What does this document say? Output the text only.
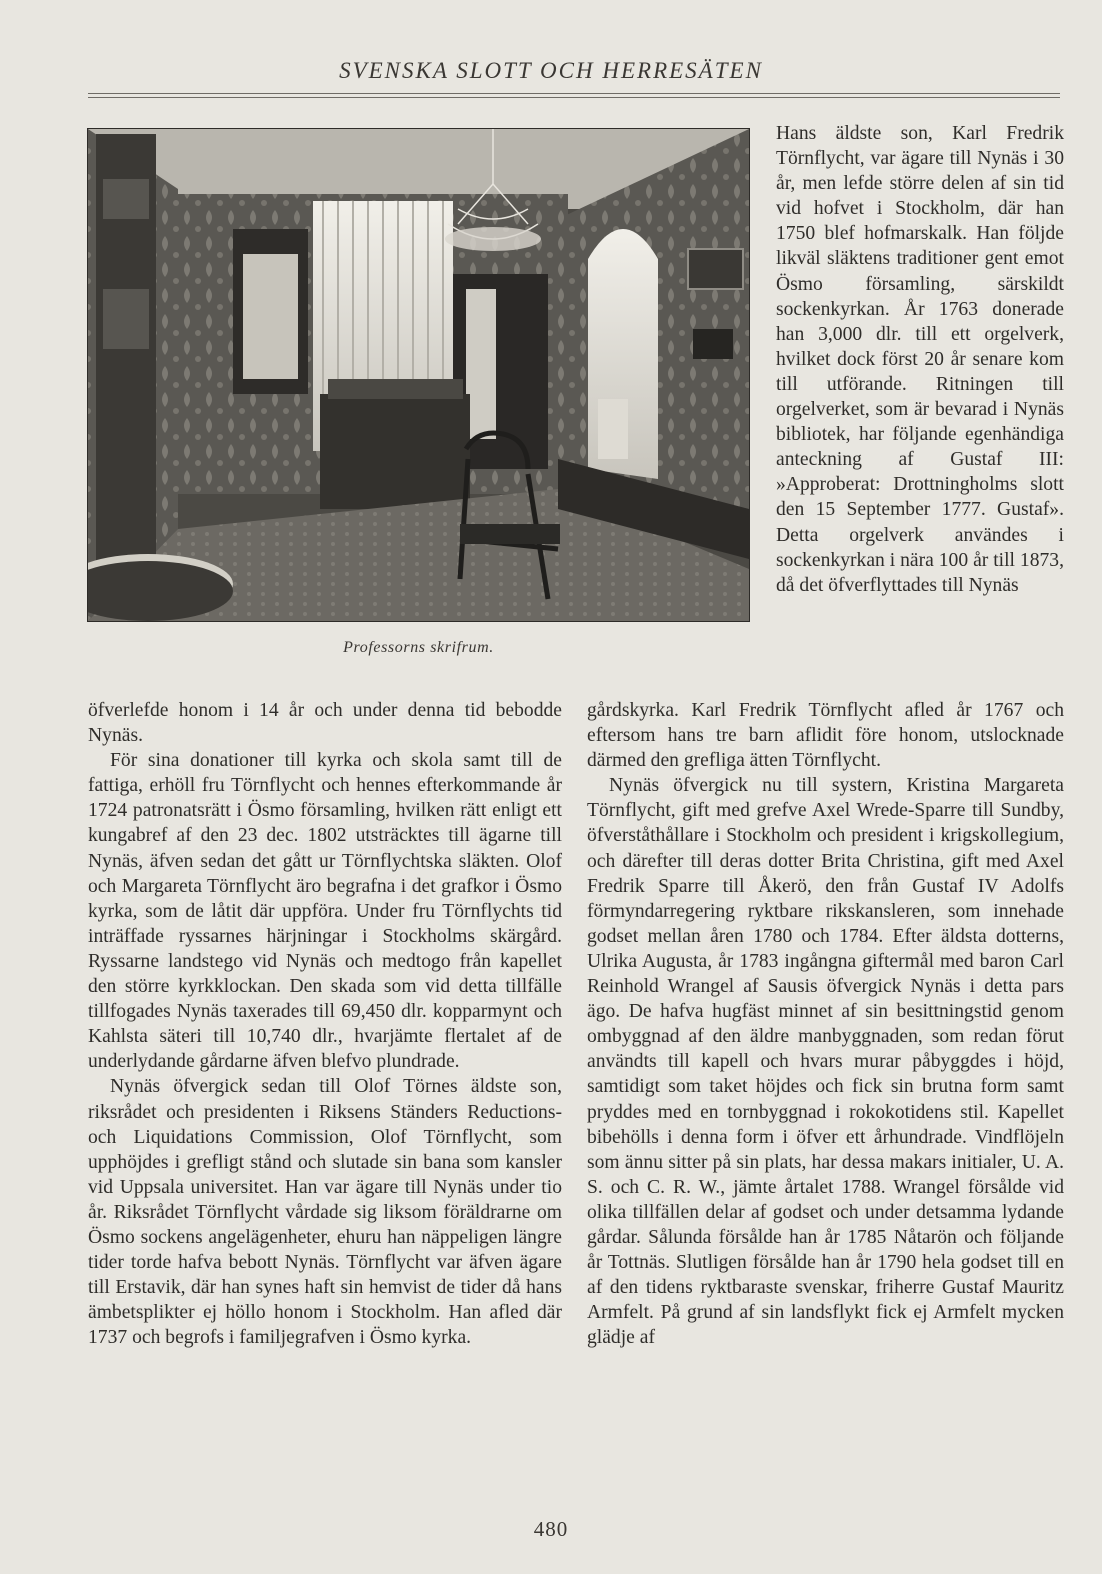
SVENSKA SLOTT OCH HERRESÄTEN
Professorns skrifrum.
Hans äldste son, Karl Fredrik Törnflycht, var ägare till Nynäs i 30 år, men lefde större delen af sin tid vid hofvet i Stockholm, där han 1750 blef hofmarskalk. Han följde likväl släktens traditioner gent emot Ösmo församling, särskildt sockenkyrkan. År 1763 donerade han 3,000 dlr. till ett orgelverk, hvilket dock först 20 år senare kom till utförande. Ritningen till orgelverket, som är bevarad i Nynäs bibliotek, har följande egenhändiga anteckning af Gustaf III: »Approberat: Drottningholms slott den 15 September 1777. Gustaf». Detta orgelverk användes i sockenkyrkan i nära 100 år till 1873, då det öfverflyttades till Nynäs

öfverlefde honom i 14 år och under denna tid bebodde Nynäs.

För sina donationer till kyrka och skola samt till de fattiga, erhöll fru Törnflycht och hennes efterkommande år 1724 patronatsrätt i Ösmo församling, hvilken rätt enligt ett kungabref af den 23 dec. 1802 utsträcktes till ägarne till Nynäs, äfven sedan det gått ur Törnflychtska släkten. Olof och Margareta Törnflycht äro begrafna i det grafkor i Ösmo kyrka, som de låtit där uppföra. Under fru Törnflychts tid inträffade ryssarnes härjningar i Stockholms skärgård. Ryssarne landstego vid Nynäs och medtogo från kapellet den större kyrkklockan. Den skada som vid detta tillfälle tillfogades Nynäs taxerades till 69,450 dlr. kopparmynt och Kahlsta säteri till 10,740 dlr., hvarjämte flertalet af de underlydande gårdarne äfven blefvo plundrade.

Nynäs öfvergick sedan till Olof Törnes äldste son, riksrådet och presidenten i Riksens Ständers Reductions- och Liquidations Commission, Olof Törnflycht, som upphöjdes i grefligt stånd och slutade sin bana som kansler vid Uppsala universitet. Han var ägare till Nynäs under tio år. Riksrådet Törnflycht vårdade sig liksom föräldrarne om Ösmo sockens angelägenheter, ehuru han näppeligen längre tider torde hafva bebott Nynäs. Törnflycht var äfven ägare till Erstavik, där han synes haft sin hemvist de tider då hans ämbetsplikter ej höllo honom i Stockholm. Han afled där 1737 och begrofs i familjegrafven i Ösmo kyrka.

gårdskyrka. Karl Fredrik Törnflycht afled år 1767 och eftersom hans tre barn aflidit före honom, utslocknade därmed den grefliga ätten Törnflycht.

Nynäs öfvergick nu till systern, Kristina Margareta Törnflycht, gift med grefve Axel Wrede-Sparre till Sundby, öfverståthållare i Stockholm och president i krigskollegium, och därefter till deras dotter Brita Christina, gift med Axel Fredrik Sparre till Åkerö, den från Gustaf IV Adolfs förmyndarregering ryktbare rikskansleren, som innehade godset mellan åren 1780 och 1784. Efter äldsta dotterns, Ulrika Augusta, år 1783 ingångna giftermål med baron Carl Reinhold Wrangel af Sausis öfvergick Nynäs i detta pars ägo. De hafva hugfäst minnet af sin besittningstid genom ombyggnad af den äldre manbyggnaden, som redan förut användts till kapell och hvars murar påbyggdes i höjd, samtidigt som taket höjdes och fick sin brutna form samt pryddes med en tornbyggnad i rokokotidens stil. Kapellet bibehölls i denna form i öfver ett århundrade. Vindflöjeln som ännu sitter på sin plats, har dessa makars initialer, U. A. S. och C. R. W., jämte årtalet 1788. Wrangel försålde vid olika tillfällen delar af godset och under detsamma lydande gårdar. Sålunda försålde han år 1785 Nåtarön och följande år Tottnäs. Slutligen försålde han år 1790 hela godset till en af den tidens ryktbaraste svenskar, friherre Gustaf Mauritz Armfelt. På grund af sin landsflykt fick ej Armfelt mycken glädje af

480
